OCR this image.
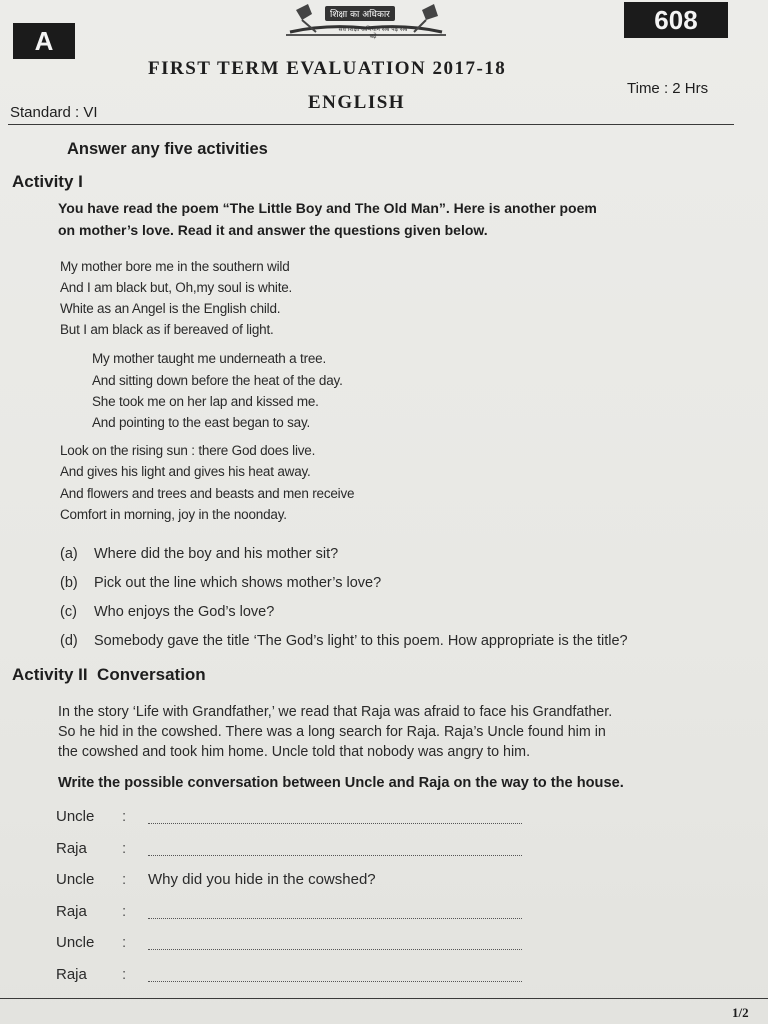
A
608
शिक्षा का अधिकार
सर्वे शिक्षा अभियान सब पढ़ें सब बढ़ें
FIRST TERM EVALUATION 2017-18
ENGLISH
Time : 2 Hrs
Standard : VI
Answer any five activities
Activity I
You have read the poem “The Little Boy and The Old Man”. Here is another poem
on mother’s love. Read it and answer the questions given below.
My mother bore me in the southern wild
And I am black but, Oh,my soul is white.
White as an Angel is the English child.
But I am black as if bereaved of light.
My mother taught me underneath a tree.
And sitting down before the heat of the day.
She took me on her lap and kissed me.
And pointing to the east began to say.
Look on the rising sun : there God does live.
And gives his light and gives his heat away.
And flowers and trees and beasts and men receive
Comfort in morning, joy in the noonday.
(a) Where did the boy and his mother sit?
(b) Pick out the line which shows mother’s love?
(c) Who enjoys the God’s love?
(d) Somebody gave the title ‘The God’s light’ to this poem. How appropriate is the title?
Activity II Conversation
In the story ‘Life with Grandfather,’ we read that Raja was afraid to face his Grandfather.
So he hid in the cowshed. There was a long search for Raja. Raja’s Uncle found him in
the cowshed and took him home. Uncle told that nobody was angry to him.
Write the possible conversation between Uncle and Raja on the way to the house.
Uncle :
Raja :
Uncle : Why did you hide in the cowshed?
Raja :
Uncle :
Raja :
1/2
